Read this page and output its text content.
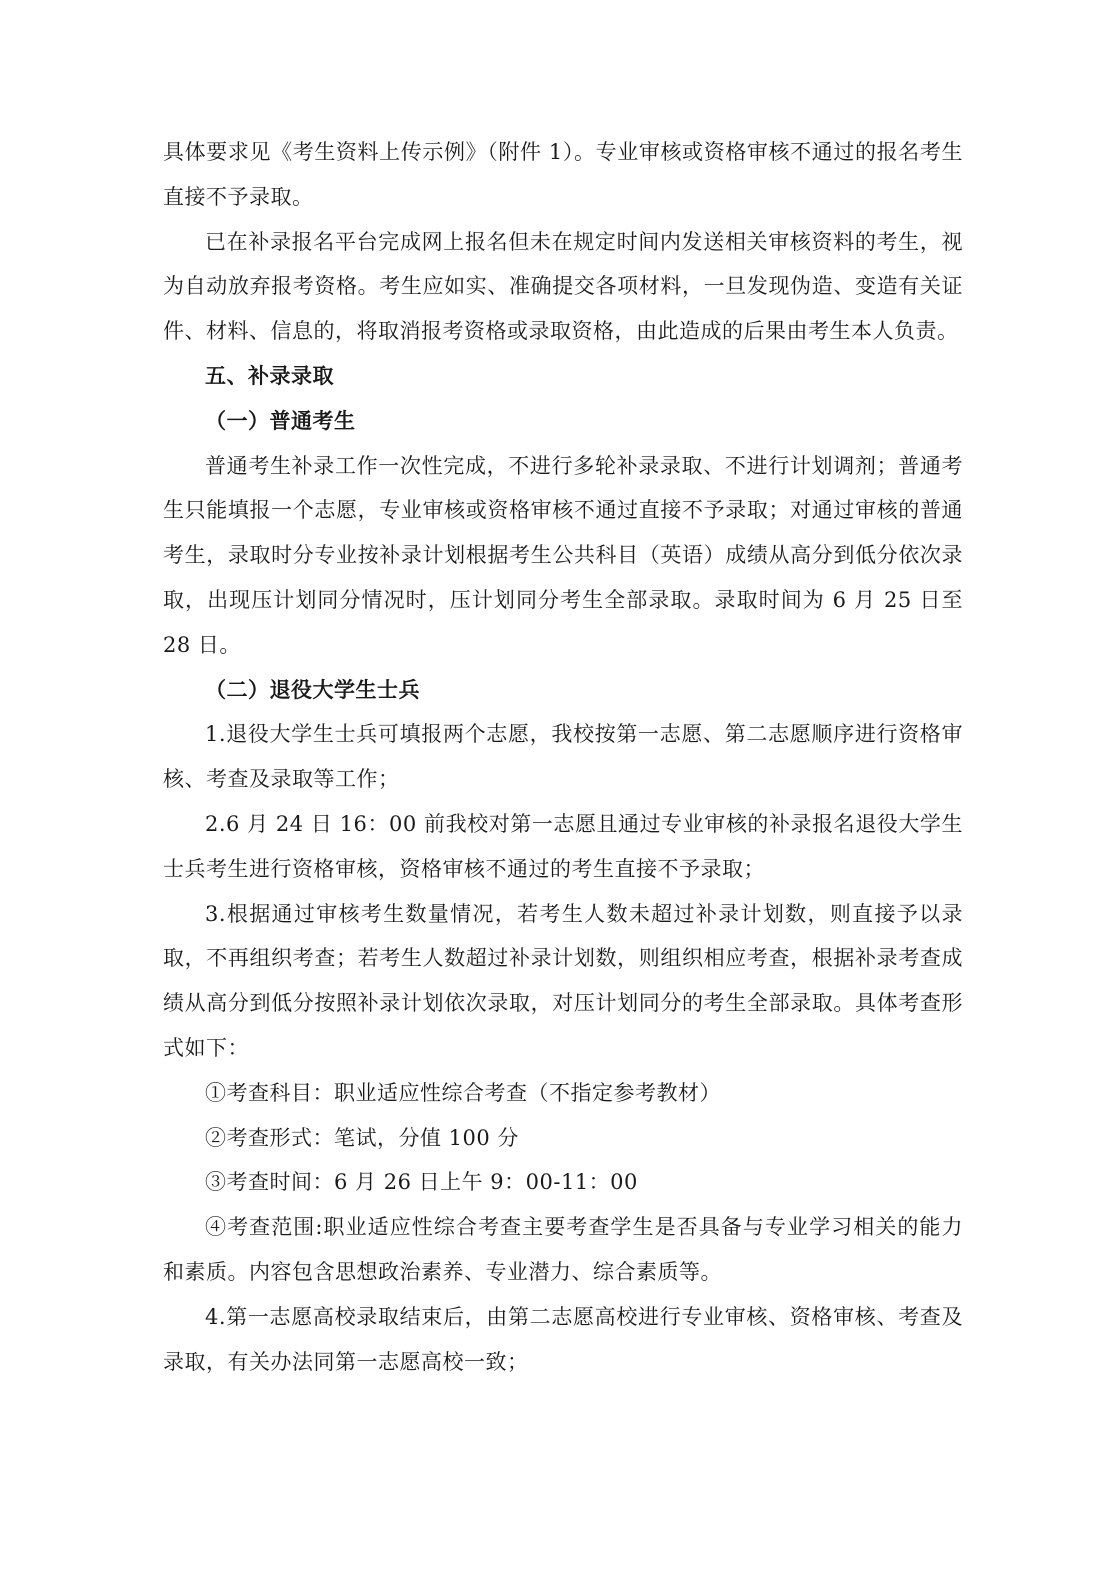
具体要求见《考生资料上传示例》（附件 1）。专业审核或资格审核不通过的报名考生直接不予录取。

已在补录报名平台完成网上报名但未在规定时间内发送相关审核资料的考生，视为自动放弃报考资格。考生应如实、准确提交各项材料，一旦发现伪造、变造有关证件、材料、信息的，将取消报考资格或录取资格，由此造成的后果由考生本人负责。

五、补录录取

（一）普通考生

普通考生补录工作一次性完成，不进行多轮补录录取、不进行计划调剂；普通考生只能填报一个志愿，专业审核或资格审核不通过直接不予录取；对通过审核的普通考生，录取时分专业按补录计划根据考生公共科目（英语）成绩从高分到低分依次录取，出现压计划同分情况时，压计划同分考生全部录取。录取时间为 6 月 25 日至 28 日。

（二）退役大学生士兵

1.退役大学生士兵可填报两个志愿，我校按第一志愿、第二志愿顺序进行资格审核、考查及录取等工作；

2.6 月 24 日 16：00 前我校对第一志愿且通过专业审核的补录报名退役大学生士兵考生进行资格审核，资格审核不通过的考生直接不予录取；

3.根据通过审核考生数量情况，若考生人数未超过补录计划数，则直接予以录取，不再组织考查；若考生人数超过补录计划数，则组织相应考查，根据补录考查成绩从高分到低分按照补录计划依次录取，对压计划同分的考生全部录取。具体考查形式如下：

①考查科目：职业适应性综合考查（不指定参考教材）

②考查形式：笔试，分值 100 分

③考查时间：6 月 26 日上午 9：00-11：00

④考查范围:职业适应性综合考查主要考查学生是否具备与专业学习相关的能力和素质。内容包含思想政治素养、专业潜力、综合素质等。

4.第一志愿高校录取结束后，由第二志愿高校进行专业审核、资格审核、考查及录取，有关办法同第一志愿高校一致；
